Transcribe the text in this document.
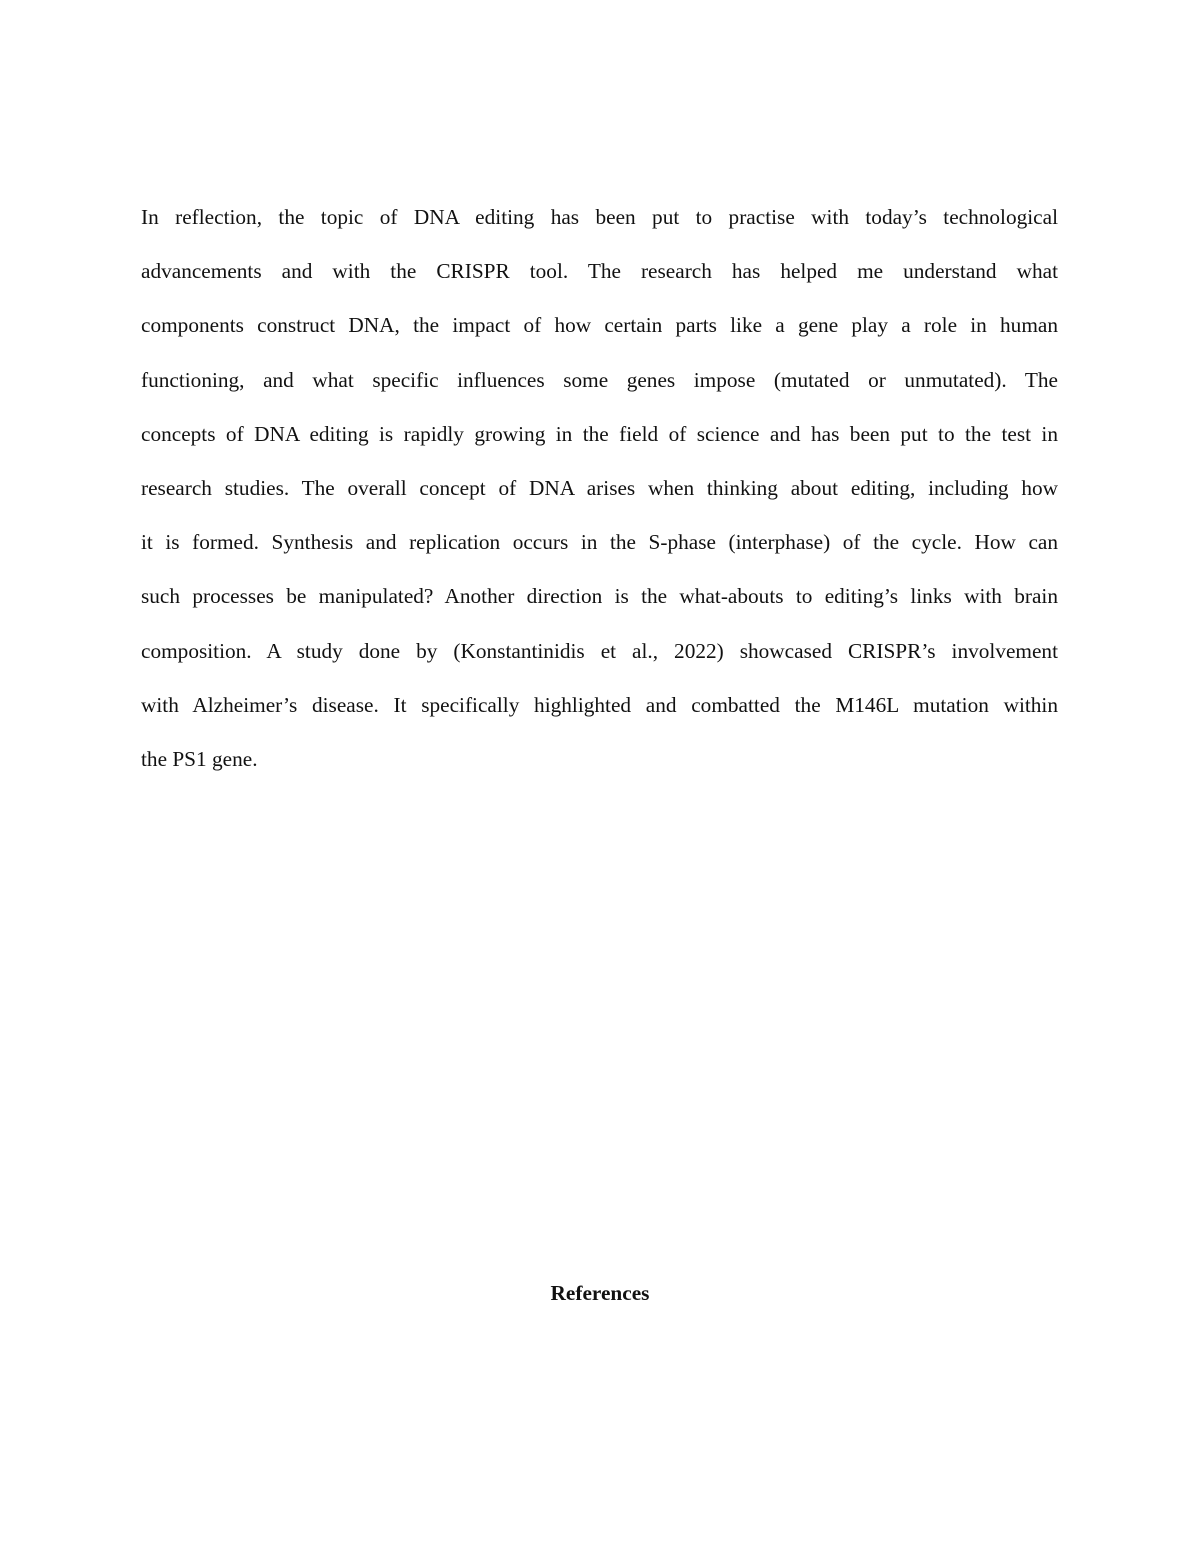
In reflection, the topic of DNA editing has been put to practise with today’s technological
advancements and with the CRISPR tool. The research has helped me understand what
components construct DNA, the impact of how certain parts like a gene play a role in human
functioning, and what specific influences some genes impose (mutated or unmutated). The
concepts of DNA editing is rapidly growing in the field of science and has been put to the test in
research studies. The overall concept of DNA arises when thinking about editing, including how
it is formed. Synthesis and replication occurs in the S-phase (interphase) of the cycle. How can
such processes be manipulated? Another direction is the what-abouts to editing’s links with brain
composition. A study done by (Konstantinidis et al., 2022) showcased CRISPR’s involvement
with Alzheimer’s disease. It specifically highlighted and combatted the M146L mutation within
the PS1 gene.

References
